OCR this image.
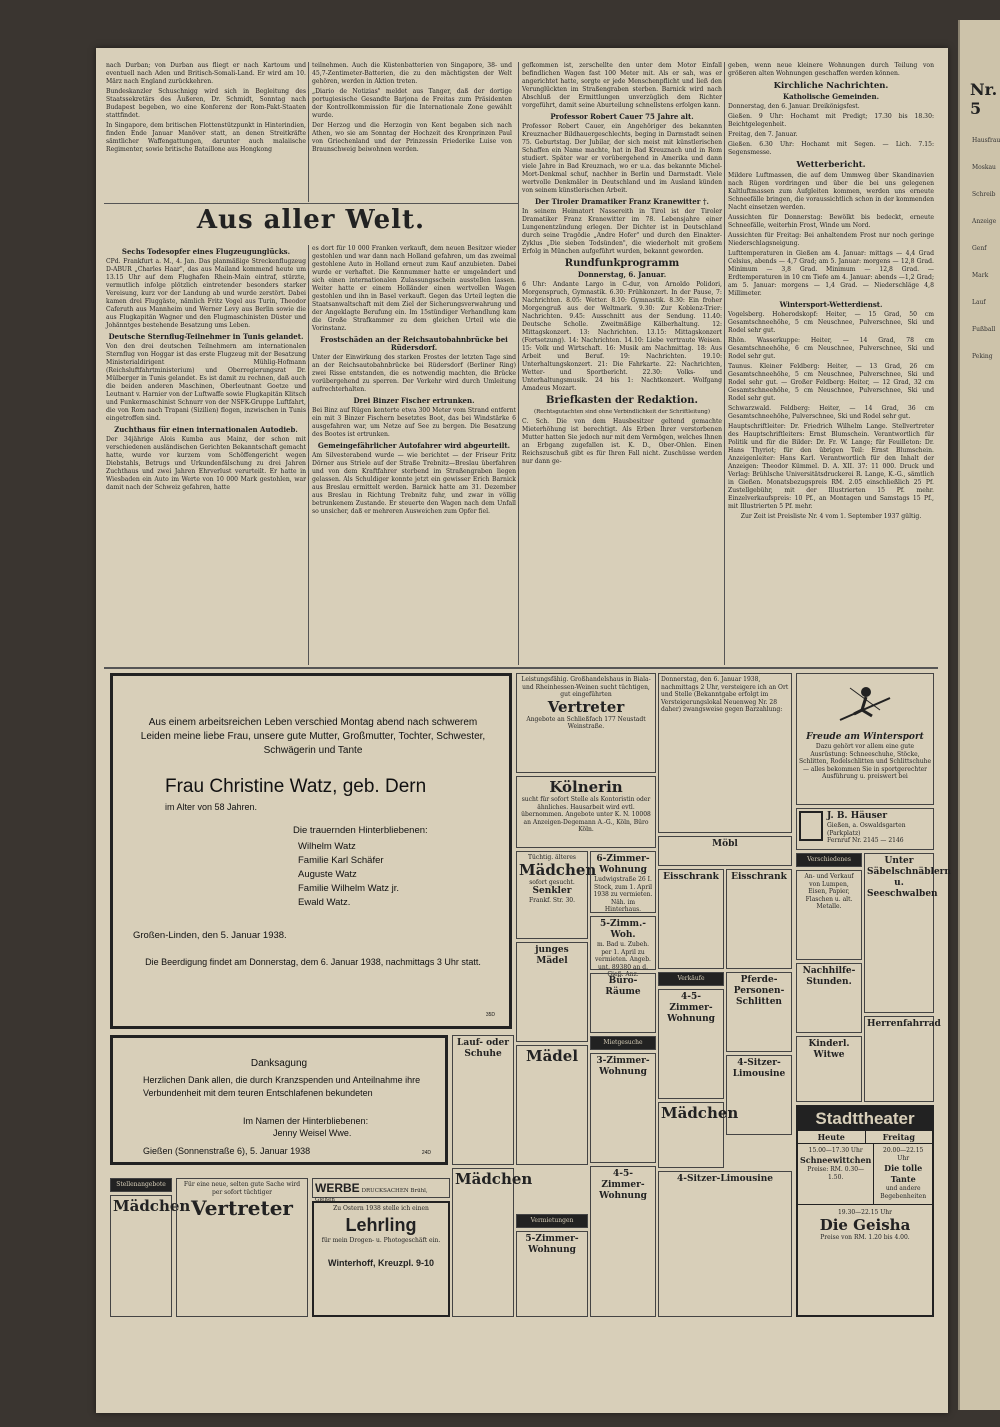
Nr. 5
Hausfrau
Moskau
Schreib
Anzeige
Genf
Mark
Lauf
Fußball
Peking

nach Durban; von Durban aus fliegt er nach Kartoum und eventuell nach Aden und Britisch-Somali-Land. Er wird am 10. März nach England zurückkehren.

Bundeskanzler Schuschnigg wird sich in Begleitung des Staatssekretärs des Äußeren, Dr. Schmidt, Sonntag nach Budapest begeben, wo eine Konferenz der Rom-Pakt-Staaten stattfindet.

In Singapore, dem britischen Flottenstützpunkt in Hinterindien, finden Ende Januar Manöver statt, an denen Streitkräfte sämtlicher Waffengattungen, darunter auch malaiische Regimenter, sowie britische Bataillone aus Hongkong

teilnehmen. Auch die Küstenbatterien von Singapore, 38- und 45,7-Zentimeter-Batterien, die zu den mächtigsten der Welt gehören, werden in Aktion treten.

„Diario de Notizias" meldet aus Tanger, daß der dortige portugiesische Gesandte Barjona de Freitas zum Präsidenten der Kontrollkommission für die Internationale Zone gewählt wurde.

Der Herzog und die Herzogin von Kent begaben sich nach Athen, wo sie am Sonntag der Hochzeit des Kronprinzen Paul von Griechenland und der Prinzessin Friederike Luise von Braunschweig beiwohnen werden.

Aus aller Welt.
Sechs Todesopfer eines Flugzeugunglücks.

CPd. Frankfurt a. M., 4. Jan. Das planmäßige Streckenflugzeug D-ABUR „Charles Haar", das aus Mailand kommend heute um 13.15 Uhr auf dem Flughafen Rhein-Main eintraf, stürzte, vermutlich infolge plötzlich eintretender besonders starker Vereisung, kurz vor der Landung ab und wurde zerstört. Dabei kamen drei Fluggäste, nämlich Fritz Vogel aus Turin, Theodor Caferuth aus Mannheim und Werner Levy aus Berlin sowie die aus Flugkapitän Wagner und den Flugmaschinisten Düster und Johänntges bestehende Besatzung ums Leben.

Deutsche Sternflug-Teilnehmer in Tunis gelandet.

Von den drei deutschen Teilnehmern am internationalen Sternflug von Hoggar ist das erste Flugzeug mit der Besatzung Ministerialdirigent Mühlig-Hofmann (Reichsluftfahrtministerium) und Oberregierungsrat Dr. Mülberger in Tunis gelandet. Es ist damit zu rechnen, daß auch die beiden anderen Maschinen, Oberleutnant Goetze und Leutnant v. Harnier von der Luftwaffe sowie Flugkapitän Klitsch und Funkermaschinist Schnurr von der NSFK-Gruppe Luftfahrt, die von Rom nach Trapani (Sizilien) flogen, inzwischen in Tunis eingetroffen sind.

Zuchthaus für einen internationalen Autodieb.

Der 34jährige Alois Kumba aus Mainz, der schon mit verschiedenen ausländischen Gerichten Bekanntschaft gemacht hatte, wurde vor kurzem vom Schöffengericht wegen Diebstahls, Betrugs und Urkundenfälschung zu drei Jahren Zuchthaus und zwei Jahren Ehrverlust verurteilt. Er hatte in Wiesbaden ein Auto im Werte von 10 000 Mark gestohlen, war damit nach der Schweiz gefahren, hatte

es dort für 10 000 Franken verkauft, dem neuen Besitzer wieder gestohlen und war dann nach Holland gefahren, um das zweimal gestohlene Auto in Holland erneut zum Kauf anzubieten. Dabei wurde er verhaftet. Die Kennummer hatte er umgeändert und sich einen internationalen Zulassungsschein ausstellen lassen. Weiter hatte er einem Holländer einen wertvollen Wagen gestohlen und ihn in Basel verkauft. Gegen das Urteil legten die Staatsanwaltschaft mit dem Ziel der Sicherungsverwahrung und der Angeklagte Berufung ein. Im 15stündiger Verhandlung kam die Große Strafkammer zu dem gleichen Urteil wie die Vorinstanz.

Frostschäden an der Reichsautobahnbrücke bei Rüdersdorf.

Unter der Einwirkung des starken Frostes der letzten Tage sind an der Reichsautobahnbrücke bei Rüdersdorf (Berliner Ring) zwei Risse entstanden, die es notwendig machten, die Brücke vorübergehend zu sperren. Der Verkehr wird durch Umleitung aufrechterhalten.

Drei Binzer Fischer ertrunken.

Bei Binz auf Rügen kenterte etwa 300 Meter vom Strand entfernt ein mit 3 Binzer Fischern besetztes Boot, das bei Windstärke 6 ausgefahren war, um Netze auf See zu bergen. Die Besatzung des Bootes ist ertrunken.

Gemeingefährlicher Autofahrer wird abgeurteilt.

Am Silvesterabend wurde — wie berichtet — der Friseur Fritz Dörner aus Striele auf der Straße Trebnitz—Breslau überfahren und von dem Kraftfahrer sterbend im Straßengraben liegen gelassen. Als Schuldiger konnte jetzt ein gewisser Erich Barnick aus Breslau ermittelt werden. Barnick hatte am 31. Dezember aus Breslau in Richtung Trebnitz fuhr, und zwar in völlig betrunkenem Zustande. Er steuerte den Wagen nach dem Unfall so unsicher, daß er mehreren Ausweichen zum Opfer fiel.

gefkommen ist, zerschellte den unter dem Motor Einfall befindlichen Wagen fast 100 Meter mit. Als er sah, was er angerichtet hatte, sorgte er jede Menschenpflicht und ließ den Verunglückten im Straßengraben sterben. Barnick wird nach Abschluß der Ermittlungen unverzüglich dem Richter vorgeführt, damit seine Aburteilung schnellstens erfolgen kann.

Professor Robert Cauer 75 Jahre alt.

Professor Robert Cauer, ein Angehöriger des bekannten Kreuznacher Bildhauergeschlechts, beging in Darmstadt seinen 75. Geburtstag. Der Jubilar, der sich meist mit künstlerischen Schaffen ein Name machte, hat in Bad Kreuznach und in Rom studiert. Später war er vorübergehend in Amerika und dann viele Jahre in Bad Kreuznach, wo er u.a. das bekannte Michel-Mort-Denkmal schuf, nachher in Berlin und Darmstadt. Viele wertvolle Denkmäler in Deutschland und im Ausland künden von seinem künstlerischen Arbeit.

Der Tiroler Dramatiker Franz Kranewitter †.

In seinem Heimatort Nassereith in Tirol ist der Tiroler Dramatiker Franz Kranewitter im 78. Lebensjahre einer Lungenentzündung erlegen. Der Dichter ist in Deutschland durch seine Tragödie „Andre Hofer" und durch den Einakter-Zyklus „Die sieben Todsünden", die wiederholt mit großem Erfolg in München aufgeführt wurden, bekannt geworden.

Rundfunkprogramm
Donnerstag, 6. Januar.

6 Uhr: Andante Largo in C-dur, von Arnoldo Polidori, Morgenspruch, Gymnastik. 6.30: Frühkonzert. In der Pause, 7: Nachrichten. 8.05: Wetter. 8.10: Gymnastik. 8.30: Ein froher Morgengruß aus der Weltmark. 9.30: Zur Koblenz-Trier: Nachrichten. 9.45: Ausschnitt aus der Sendung. 11.40: Deutsche Scholle. Zweitmäßige Kälberhaltung. 12: Mittagskonzert. 13: Nachrichten. 13.15: Mittagskonzert (Fortsetzung). 14: Nachrichten. 14.10: Liebe vertraute Weisen. 15: Volk und Wirtschaft. 16: Musik am Nachmittag. 18: Aus Arbeit und Beruf. 19: Nachrichten. 19.10: Unterhaltungskonzert. 21: Die Fahrkarte. 22: Nachrichten, Wetter- und Sportbericht. 22.30: Volks- und Unterhaltungsmusik. 24 bis 1: Nachtkonzert. Wolfgang Amadeus Mozart.

Briefkasten der Redaktion.
(Rechtsgutachten sind ohne Verbindlichkeit der Schriftleitung)

C. Sch. Die von dem Hausbesitzer geltend gemachte Mieterhöhung ist berechtigt. Als Erben Ihrer verstorbenen Mutter hatten Sie jedoch nur mit dem Vermögen, welches Ihnen an Erbgang zugefallen ist. K. D., Ober-Ohlen. Einen Reichszuschuß gibt es für Ihren Fall nicht. Zuschüsse werden nur dann ge-

geben, wenn neue kleinere Wohnungen durch Teilung von größeren alten Wohnungen geschaffen werden können.

Kirchliche Nachrichten.
Katholische Gemeinden.

Donnerstag, den 6. Januar. Dreikönigsfest.

Gießen. 9 Uhr: Hochamt mit Predigt; 17.30 bis 18.30: Beichtgelegenheit.

Freitag, den 7. Januar.

Gießen. 6.30 Uhr: Hochamt mit Segen. — Lich. 7.15: Segensmesse.

Wetterbericht.

Mildere Luftmassen, die auf dem Ummweg über Skandinavien nach Rügen vordringen und über die bei uns gelegenen Kaltluftmassen zum Aufgleiten kommen, werden uns erneute Schneefälle bringen, die voraussichtlich schon in der kommenden Nacht einsetzen werden.

Aussichten für Donnerstag: Bewölkt bis bedeckt, erneute Schneefälle, weiterhin Frost, Winde um Nord.

Aussichten für Freitag: Bei anhaltendem Frost nur noch geringe Niederschlagsneigung.

Lufttemperaturen in Gießen am 4. Januar: mittags — 4,4 Grad Celsius, abends — 4,7 Grad; am 5. Januar: morgens — 12,8 Grad. Minimum — 3,8 Grad. Minimum — 12,8 Grad. — Erdtemperaturen in 10 cm Tiefe am 4. Januar: abends —1,2 Grad; am 5. Januar: morgens — 1,4 Grad. — Niederschläge 4,8 Millimeter.

Wintersport-Wetterdienst.

Vogelsberg. Hoherodskopf: Heiter, — 15 Grad, 50 cm Gesamtschneehöhe, 5 cm Neuschnee, Pulverschnee, Ski und Rodel sehr gut.

Rhön. Wasserkuppe: Heiter, — 14 Grad, 78 cm Gesamtschneehöhe, 6 cm Neuschnee, Pulverschnee, Ski und Rodel sehr gut.

Taunus. Kleiner Feldberg: Heiter, — 13 Grad, 26 cm Gesamtschneehöhe, 5 cm Neuschnee, Pulverschnee, Ski und Rodel sehr gut. — Großer Feldberg: Heiter, — 12 Grad, 32 cm Gesamtschneehöhe, 5 cm Neuschnee, Pulverschnee, Ski und Rodel sehr gut.

Schwarzwald. Feldberg: Heiter, — 14 Grad, 36 cm Gesamtschneehöhe, Pulverschnee, Ski und Rodel sehr gut.

Hauptschriftleiter: Dr. Friedrich Wilhelm Lange. Stellvertreter des Hauptschriftleiters: Ernst Blumschein. Verantwortlich für Politik und für die Bilder: Dr. Fr. W. Lange; für Feuilleton: Dr. Hans Thyriot; für den übrigen Teil: Ernst Blumschein. Anzeigenleiter: Hans Karl. Verantwortlich für den Inhalt der Anzeigen: Theodor Kümmel. D. A. XII. 37: 11 000. Druck und Verlag: Brühlsche Universitätsdruckerei R. Lange, K.-G., sämtlich in Gießen. Monatsbezugspreis RM. 2.05 einschließlich 25 Pf. Zustellgebühr, mit der Illustrierten 15 Pf. mehr. Einzelverkaufspreis: 10 Pf., an Montagen und Samstags 15 Pf., mit Illustrierten 5 Pf. mehr.

Zur Zeit ist Preisliste Nr. 4 vom 1. September 1937 gültig.

Aus einem arbeitsreichen Leben verschied Montag abend nach schwerem Leiden meine liebe Frau, unsere gute Mutter, Großmutter, Tochter, Schwester, Schwägerin und Tante
Frau Christine Watz, geb. Dern
im Alter von 58 Jahren.
Die trauernden Hinterbliebenen:
Wilhelm Watz
Familie Karl Schäfer
Auguste Watz
Familie Wilhelm Watz jr.
Ewald Watz.
Großen-Linden, den 5. Januar 1938.
Die Beerdigung findet am Donnerstag, dem 6. Januar 1938, nachmittags 3 Uhr statt.
35D
Danksagung
Herzlichen Dank allen, die durch Kranzspenden und Anteilnahme ihre Verbundenheit mit dem teuren Entschlafenen bekundeten
Im Namen der Hinterbliebenen:
Jenny Weisel Wwe.
Gießen (Sonnenstraße 6), 5. Januar 1938	24D
Leistungsfähig. Großhandelshaus in Biala- und Rheinhessen-Weinen sucht tüchtigen, gut eingeführten
Vertreter
Angebote an Schließfach 177 Neustadt Weinstraße.
Kölnerin
sucht für sofort Stelle als Kontoristin oder ähnliches. Hausarbeit wird evtl. übernommen. Angebote unter K. N. 10008 an Anzeigen-Degemann A.-G., Köln, Büro Köln.
Tüchtig. älteres
Mädchen
sofort gesucht.
Senkler
Frankf. Str. 30.
6-Zimmer-Wohnung
Ludwigstraße 26 I. Stock, zum 1. April 1938 zu vermieten. Näh. im Hinterhaus.
5-Zimm.-Woh.
m. Bad u. Zubeh. per 1. April zu vermieten. Angeb. unt. 89380 an d. Gieß. Anz.
junges Mädel
Büro-Räume
Mietgesuche
Lauf- oder Schuhe	Mädel	3-Zimmer-Wohnung
Donnerstag, den 6. Januar 1938, nachmittags 2 Uhr, versteigere ich an Ort und Stelle (Bekanntgabe erfolgt im Versteigerungslokal Neuenweg Nr. 28 daher) zwangsweise gegen Barzahlung:
Möbl
Eisschrank Eisschrank
Verkäufe
4-5-Zimmer-Wohnung
Pferde-Personen-Schlitten
4-Sitzer-Limousine
Mädchen
Freude am Wintersport
Dazu gehört vor allem eine gute Ausrüstung: Schneeschuhe, Stöcke, Schlitten, Rodelschlitten und Schlittschuhe — alles bekommen Sie in sportgerechter Ausführung u. preiswert bei
J. B. Häuser
Gießen, a. Oswaldsgarten (Parkplatz)
Fernruf Nr. 2145 — 2146
Verschiedenes
An- und Verkauf von Lumpen, Eisen, Papier, Flaschen u. alt. Metalle.
Unter Säbelschnäblern u. Seeschwalben
Nachhilfe-Stunden.
Kinderl. Witwe
Herrenfahrrad
Stadttheater
Heute	Freitag
15.00—17.30 Uhr
Schneewittchen
Preise: RM. 0.30—1.50.
20.00—22.15 Uhr
Die tolle Tante
und andere Begebenheiten
19.30—22.15 Uhr
Die Geisha
Preise von RM. 1.20 bis 4.00.
Stellenangebote
Mädchen
Für eine neue, selten gute Sache wird per sofort tüchtiger
Vertreter
WERBE DRUCKSACHEN Brühl, Gießen
Zu Ostern 1938 stelle ich einen
Lehrling
für mein Drogen- u. Photogeschäft ein.
Winterhoff, Kreuzpl. 9-10
Mädchen
Vermietungen
5-Zimmer-Wohnung
4-5-Zimmer-Wohnung
4-Sitzer-Limousine
